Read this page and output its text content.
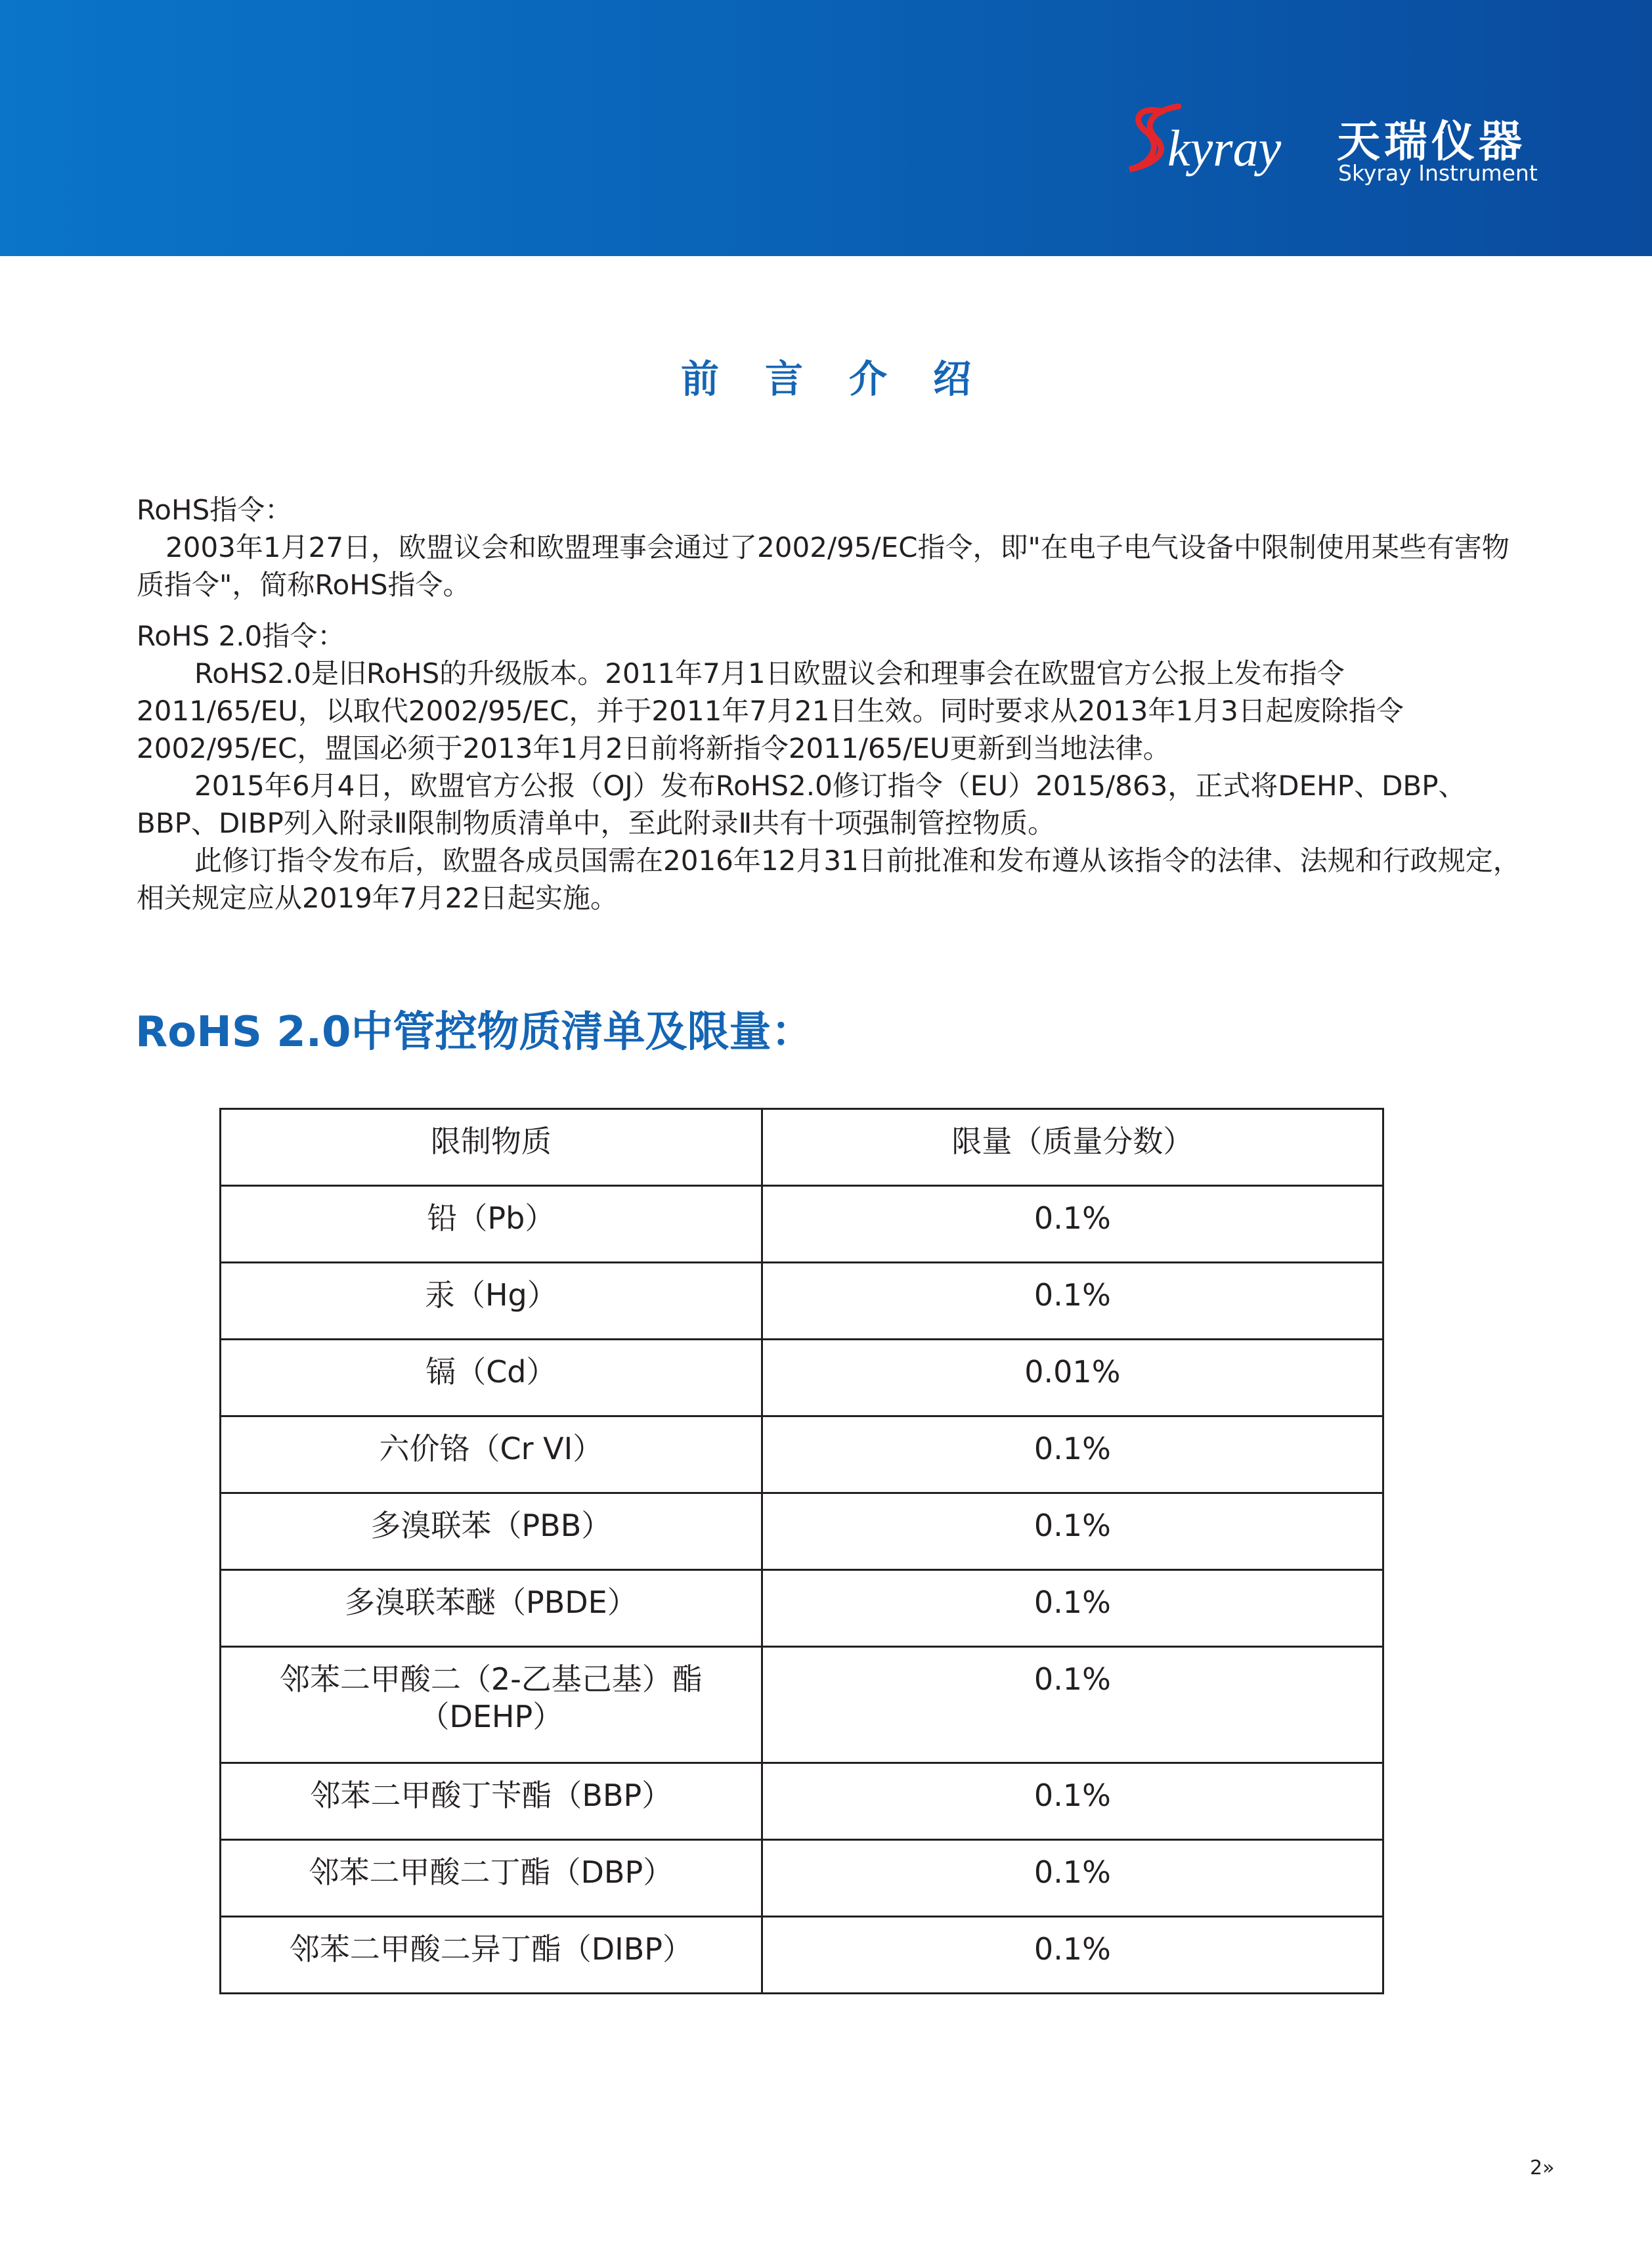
kyray 天瑞仪器
Skyray Instrument
前言介绍

RoHS指令：

2003年1月27日，欧盟议会和欧盟理事会通过了2002/95/EC指令，即"在电子电气设备中限制使用某些有害物质指令"，简称RoHS指令。

RoHS 2.0指令：

RoHS2.0是旧RoHS的升级版本。2011年7月1日欧盟议会和理事会在欧盟官方公报上发布指令2011/65/EU，以取代2002/95/EC，并于2011年7月21日生效。同时要求从2013年1月3日起废除指令2002/95/EC，盟国必须于2013年1月2日前将新指令2011/65/EU更新到当地法律。

2015年6月4日，欧盟官方公报（OJ）发布RoHS2.0修订指令（EU）2015/863，正式将DEHP、DBP、BBP、DIBP列入附录Ⅱ限制物质清单中，至此附录Ⅱ共有十项强制管控物质。

此修订指令发布后，欧盟各成员国需在2016年12月31日前批准和发布遵从该指令的法律、法规和行政规定，相关规定应从2019年7月22日起实施。

RoHS 2.0中管控物质清单及限量：
限制物质	限量（质量分数）
铅（Pb）	0.1%
汞（Hg）	0.1%
镉（Cd）	0.01%
六价铬（Cr VI）	0.1%
多溴联苯（PBB）	0.1%
多溴联苯醚（PBDE）	0.1%
邻苯二甲酸二（2-乙基己基）酯（DEHP）	0.1%
邻苯二甲酸丁苄酯（BBP）	0.1%
邻苯二甲酸二丁酯（DBP）	0.1%
邻苯二甲酸二异丁酯（DIBP）	0.1%
2»
